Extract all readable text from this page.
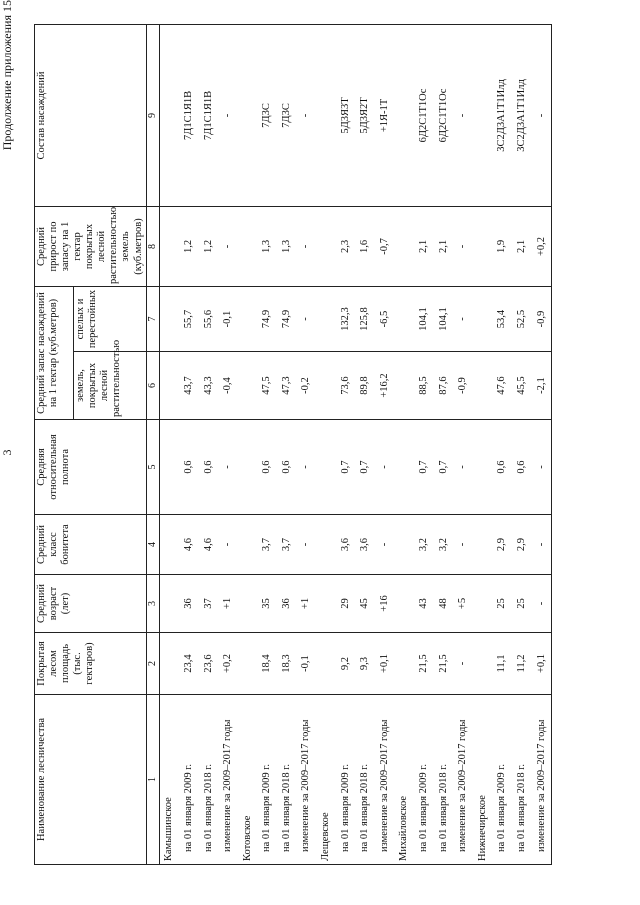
3
Продолжение приложения 15
Наименование лесничества	Покрытая лесом площадь (тыс. гектаров)	Средний возраст (лет)	Средний класс бонитета	Средняя относительная полнота	Средний запас насаждений на 1 гектар (куб.метров)		Средний прирост по запасу на 1 гектар покрытых лесной растительностью земель (куб.метров)	Состав насаждений
					земель, покрытых лесной растительностью	спелых и перестойных		
1	2	3	4	5	6	7	8	9
Камышинское								
на 01 января 2009 г.	23,4	36	4,6	0,6	43,7	55,7	1,2	7Д1С1Я1В
на 01 января 2018 г.	23,6	37	4,6	0,6	43,3	55,6	1,2	7Д1С1Я1В
изменение за 2009–2017 годы	+0,2	+1	-	-	-0,4	-0,1	-	-
Котовское								
на 01 января 2009 г.	18,4	35	3,7	0,6	47,5	74,9	1,3	7Д3С
на 01 января 2018 г.	18,3	36	3,7	0,6	47,3	74,9	1,3	7Д3С
изменение за 2009–2017 годы	-0,1	+1	-	-	-0,2	-	-	-
Лещевское								
на 01 января 2009 г.	9,2	29	3,6	0,7	73,6	132,3	2,3	5Д3Я3Т
на 01 января 2018 г.	9,3	45	3,6	0,7	89,8	125,8	1,6	5Д3Я2Т
изменение за 2009–2017 годы	+0,1	+16	-	-	+16,2	-6,5	-0,7	+1Я-1Т
Михайловское								
на 01 января 2009 г.	21,5	43	3,2	0,7	88,5	104,1	2,1	6Д2С1Т1Ос
на 01 января 2018 г.	21,5	48	3,2	0,7	87,6	104,1	2,1	6Д2С1Т1Ос
изменение за 2009–2017 годы	-	+5	-	-	-0,9	-	-	-
Нижнечирское								
на 01 января 2009 г.	11,1	25	2,9	0,6	47,6	53,4	1,9	3С2Д3А1Т1Илд
на 01 января 2018 г.	11,2	25	2,9	0,6	45,5	52,5	2,1	3С2Д3А1Т1Илд
изменение за 2009–2017 годы	+0,1	-	-	-	-2,1	-0,9	+0,2	-
